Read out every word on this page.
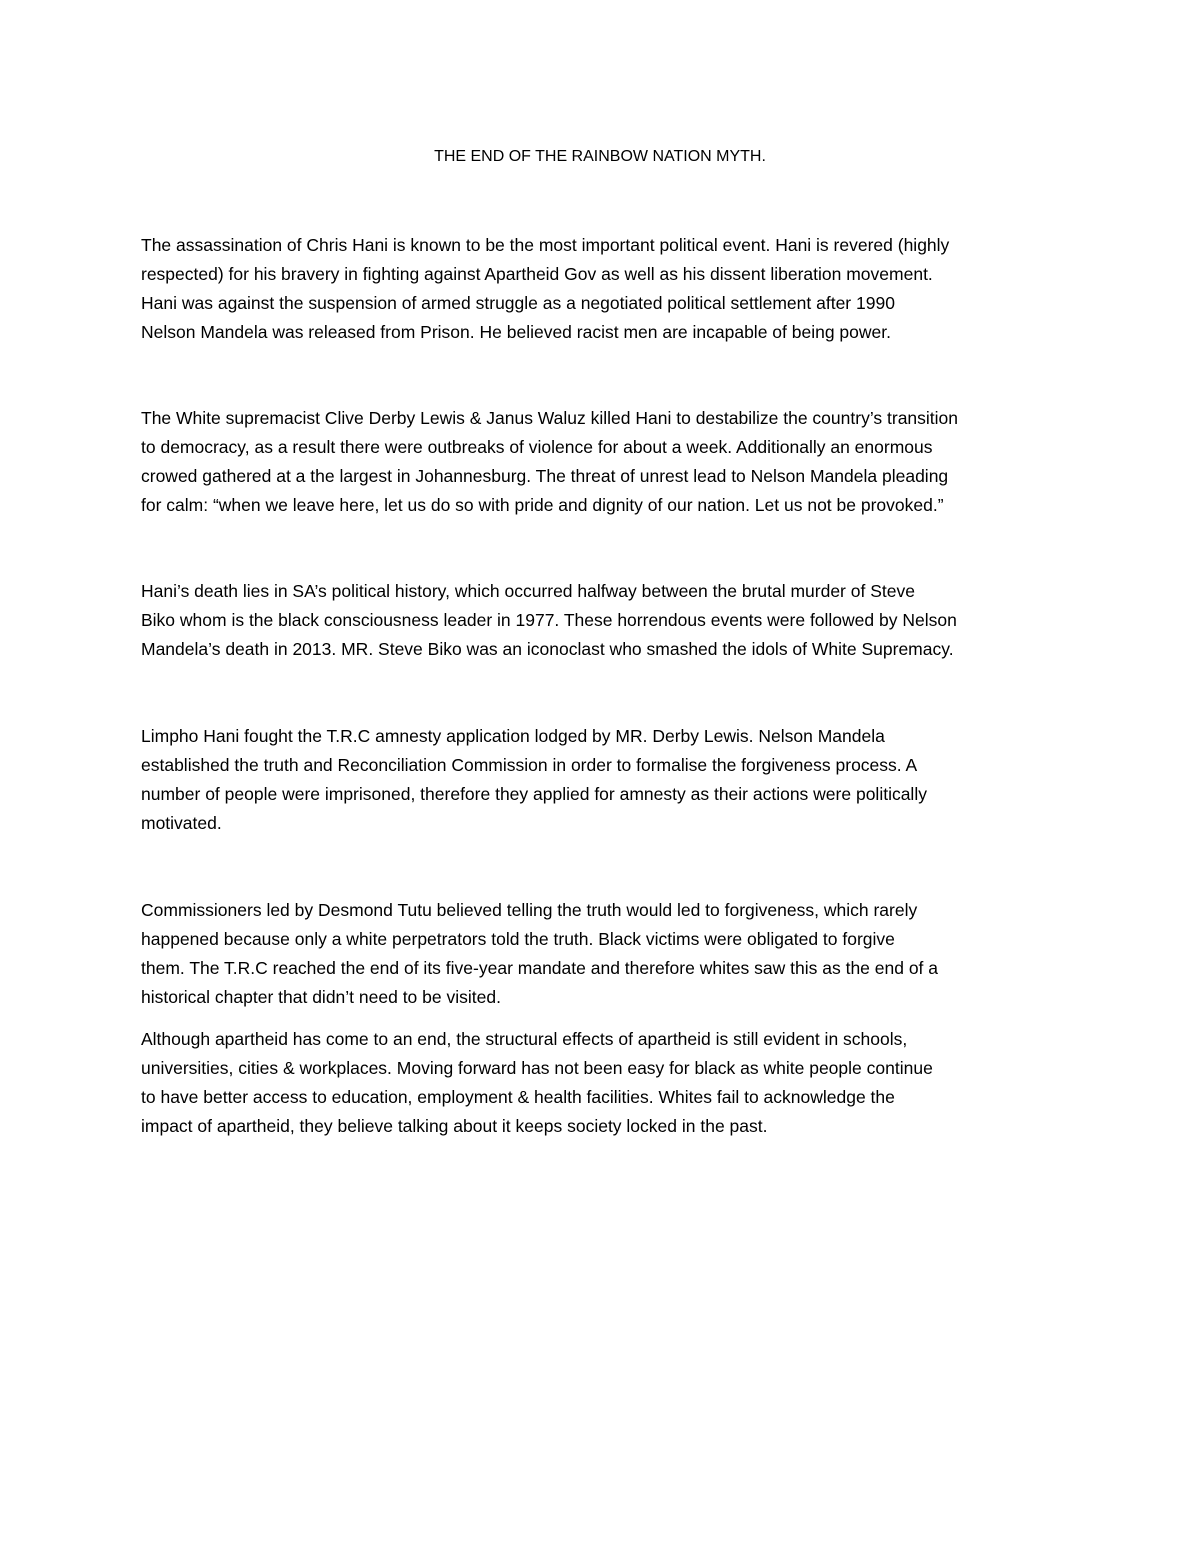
THE END OF THE RAINBOW NATION MYTH.

The assassination of Chris Hani is known to be the most important political event. Hani is revered (highly
respected) for his bravery in fighting against Apartheid Gov as well as his dissent liberation movement.
Hani was against the suspension of armed struggle as a negotiated political settlement after 1990
Nelson Mandela was released from Prison. He believed racist men are incapable of being power.

The White supremacist Clive Derby Lewis & Janus Waluz killed Hani to destabilize the country’s transition
to democracy, as a result there were outbreaks of violence for about a week. Additionally an enormous
crowed gathered at a the largest in Johannesburg. The threat of unrest lead to Nelson Mandela pleading
for calm: “when we leave here, let us do so with pride and dignity of our nation. Let us not be provoked.”

Hani’s death lies in SA’s political history, which occurred halfway between the brutal murder of Steve
Biko whom is the black consciousness leader in 1977. These horrendous events were followed by Nelson
Mandela’s death in 2013. MR. Steve Biko was an iconoclast who smashed the idols of White Supremacy.

Limpho Hani fought the T.R.C amnesty application lodged by MR. Derby Lewis. Nelson Mandela
established the truth and Reconciliation Commission in order to formalise the forgiveness process. A
number of people were imprisoned, therefore they applied for amnesty as their actions were politically
motivated.

Commissioners led by Desmond Tutu believed telling the truth would led to forgiveness, which rarely
happened because only a white perpetrators told the truth. Black victims were obligated to forgive
them. The T.R.C reached the end of its five-year mandate and therefore whites saw this as the end of a
historical chapter that didn’t need to be visited.

Although apartheid has come to an end, the structural effects of apartheid is still evident in schools,
universities, cities & workplaces. Moving forward has not been easy for black as white people continue
to have better access to education, employment & health facilities. Whites fail to acknowledge the
impact of apartheid, they believe talking about it keeps society locked in the past.
